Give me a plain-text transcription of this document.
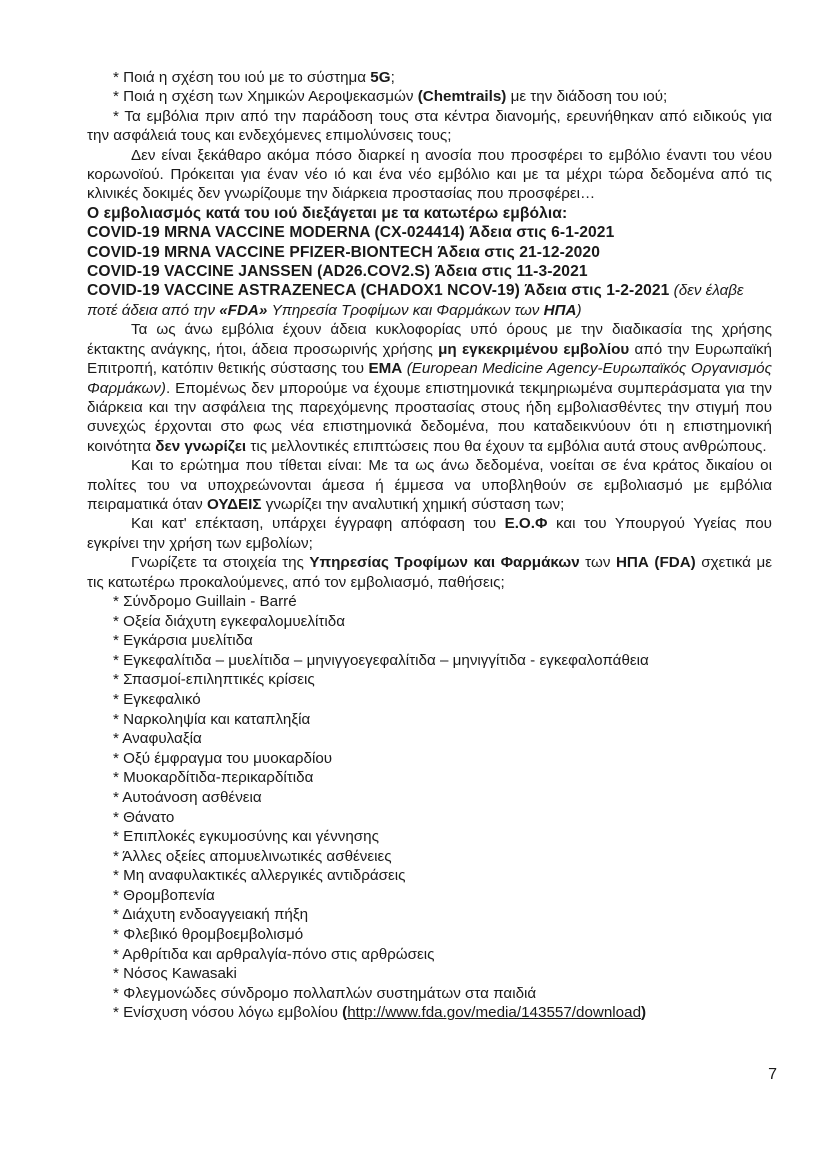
* Ποιά η σχέση του ιού με το σύστημα 5G;

* Ποιά η σχέση των Χημικών Αεροψεκασμών (Chemtrails) με την διάδοση του ιού;

* Τα εμβόλια πριν από την παράδοση τους στα κέντρα διανομής, ερευνήθηκαν από ειδικούς για την ασφάλειά τους και ενδεχόμενες επιμολύνσεις τους;

Δεν είναι ξεκάθαρο ακόμα πόσο διαρκεί η ανοσία που προσφέρει το εμβόλιο έναντι του νέου κορωνοϊού. Πρόκειται για έναν νέο ιό και ένα νέο εμβόλιο και με τα μέχρι τώρα δεδομένα από τις κλινικές δοκιμές δεν γνωρίζουμε την διάρκεια προστασίας που προσφέρει…

Ο εμβολιασμός κατά του ιού διεξάγεται με τα κατωτέρω εμβόλια:

COVID-19 MRNA VACCINE MODERNA (CX-024414) Άδεια στις 6-1-2021

COVID-19 MRNA VACCINE PFIZER-BIONTECH Άδεια στις 21-12-2020

COVID-19 VACCINE JANSSEN (AD26.COV2.S) Άδεια στις 11-3-2021

COVID-19 VACCINE ASTRAZENECA (CHADOX1 NCOV-19) Άδεια στις 1-2-2021 (δεν έλαβε ποτέ άδεια από την «FDA» Υπηρεσία Τροφίμων και Φαρμάκων των ΗΠΑ)

Τα ως άνω εμβόλια έχουν άδεια κυκλοφορίας υπό όρους με την διαδικασία της χρήσης έκτακτης ανάγκης, ήτοι, άδεια προσωρινής χρήσης μη εγκεκριμένου εμβολίου από την Ευρωπαϊκή Επιτροπή, κατόπιν θετικής σύστασης του ΕΜΑ (European Medicine Agency-Ευρωπαϊκός Οργανισμός Φαρμάκων). Επομένως δεν μπορούμε να έχουμε επιστημονικά τεκμηριωμένα συμπεράσματα για την διάρκεια και την ασφάλεια της παρεχόμενης προστασίας στους ήδη εμβολιασθέντες την στιγμή που συνεχώς έρχονται στο φως νέα επιστημονικά δεδομένα, που καταδεικνύουν ότι η επιστημονική κοινότητα δεν γνωρίζει τις μελλοντικές επιπτώσεις που θα έχουν τα εμβόλια αυτά στους ανθρώπους.

Και το ερώτημα που τίθεται είναι: Με τα ως άνω δεδομένα, νοείται σε ένα κράτος δικαίου οι πολίτες του να υποχρεώνονται άμεσα ή έμμεσα να υποβληθούν σε εμβολιασμό με εμβόλια πειραματικά όταν ΟΥΔΕΙΣ γνωρίζει την αναλυτική χημική σύσταση των;

Και κατ' επέκταση, υπάρχει έγγραφη απόφαση του Ε.Ο.Φ και του Υπουργού Υγείας που εγκρίνει την χρήση των εμβολίων;

Γνωρίζετε τα στοιχεία της Υπηρεσίας Τροφίμων και Φαρμάκων των ΗΠΑ (FDA) σχετικά με τις κατωτέρω προκαλούμενες, από τον εμβολιασμό, παθήσεις;

* Σύνδρομο Guillain - Barré
* Οξεία διάχυτη εγκεφαλομυελίτιδα
* Εγκάρσια μυελίτιδα
* Εγκεφαλίτιδα – μυελίτιδα – μηνιγγοεγεφαλίτιδα – μηνιγγίτιδα - εγκεφαλοπάθεια
* Σπασμοί-επιληπτικές κρίσεις
* Εγκεφαλικό
* Ναρκοληψία και καταπληξία
* Αναφυλαξία
* Οξύ έμφραγμα του μυοκαρδίου
* Μυοκαρδίτιδα-περικαρδίτιδα
* Αυτοάνοση ασθένεια
* Θάνατο
* Επιπλοκές εγκυμοσύνης και γέννησης
* Άλλες οξείες απομυελινωτικές ασθένειες
* Μη αναφυλακτικές αλλεργικές αντιδράσεις
* Θρομβοπενία
* Διάχυτη ενδοαγγειακή πήξη
* Φλεβικό θρομβοεμβολισμό
* Αρθρίτιδα και αρθραλγία-πόνο στις αρθρώσεις
* Νόσος Kawasaki
* Φλεγμονώδες σύνδρομο πολλαπλών συστημάτων στα παιδιά
* Ενίσχυση νόσου λόγω εμβολίου (http://www.fda.gov/media/143557/download)
7
